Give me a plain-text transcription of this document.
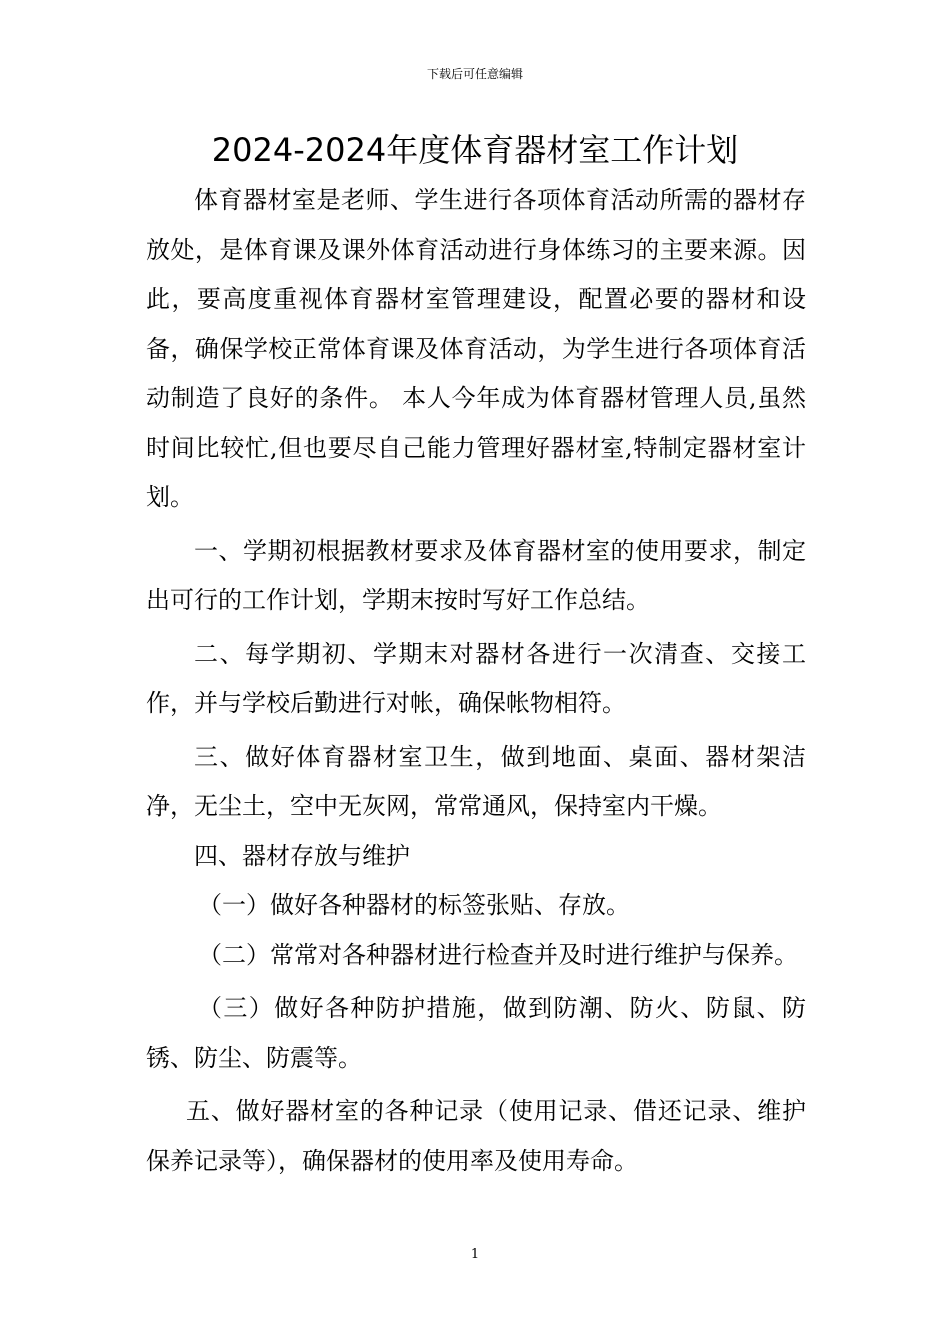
下载后可任意编辑
2024-2024年度体育器材室工作计划

体育器材室是老师、学生进行各项体育活动所需的器材存放处，是体育课及课外体育活动进行身体练习的主要来源。因此，要高度重视体育器材室管理建设，配置必要的器材和设备，确保学校正常体育课及体育活动，为学生进行各项体育活动制造了良好的条件。 本人今年成为体育器材管理人员,虽然时间比较忙,但也要尽自己能力管理好器材室,特制定器材室计划。

一、学期初根据教材要求及体育器材室的使用要求，制定出可行的工作计划，学期末按时写好工作总结。

二、每学期初、学期末对器材各进行一次清查、交接工作，并与学校后勤进行对帐，确保帐物相符。

三、做好体育器材室卫生，做到地面、桌面、器材架洁净，无尘土，空中无灰网，常常通风，保持室内干燥。

四、器材存放与维护

（一）做好各种器材的标签张贴、存放。

（二）常常对各种器材进行检查并及时进行维护与保养。

（三）做好各种防护措施，做到防潮、防火、防鼠、防锈、防尘、防震等。

五、做好器材室的各种记录（使用记录、借还记录、维护保养记录等），确保器材的使用率及使用寿命。

1
